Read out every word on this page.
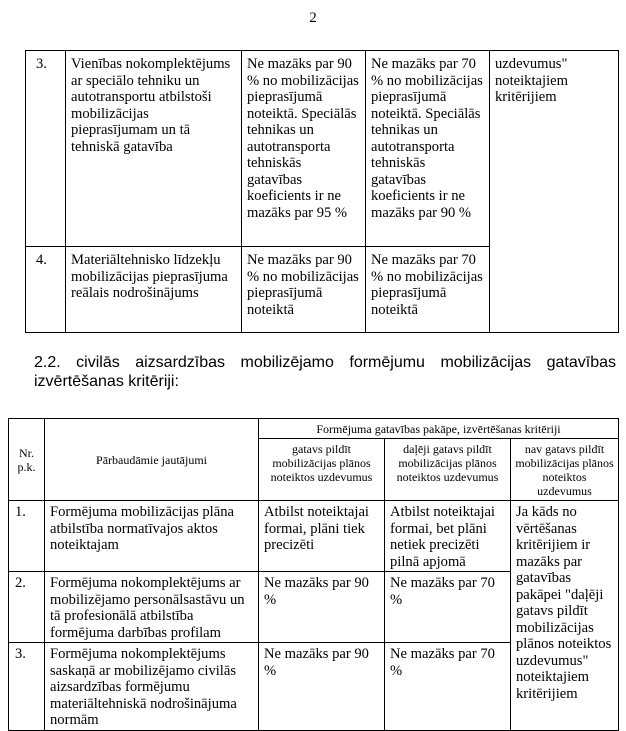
2
3.	Vienības nokomplektējums ar speciālo tehniku un autotransportu atbilstoši mobilizācijas pieprasījumam un tā tehniskā gatavība	Ne mazāks par 90 % no mobilizācijas pieprasījumā noteiktā. Speciālās tehnikas un autotransporta tehniskās gatavības koeficients ir ne mazāks par 95 %	Ne mazāks par 70 % no mobilizācijas pieprasījumā noteiktā. Speciālās tehnikas un autotransporta tehniskās gatavības koeficients ir ne mazāks par 90 %	uzdevumus" noteiktajiem kritērijiem
4.	Materiāltehnisko līdzekļu mobilizācijas pieprasījuma reālais nodrošinājums	Ne mazāks par 90 % no mobilizācijas pieprasījumā noteiktā	Ne mazāks par 70 % no mobilizācijas pieprasījumā noteiktā	
2.2. civilās aizsardzības mobilizējamo formējumu mobilizācijas gatavības
izvērtēšanas kritēriji:
Nr. p.k.	Pārbaudāmie jautājumi	Formējuma gatavības pakāpe, izvērtēšanas kritēriji		
		gatavs pildīt mobilizācijas plānos noteiktos uzdevumus	daļēji gatavs pildīt mobilizācijas plānos noteiktos uzdevumus	nav gatavs pildīt mobilizācijas plānos noteiktos uzdevumus
1.	Formējuma mobilizācijas plāna atbilstība normatīvajos aktos noteiktajam	Atbilst noteiktajai formai, plāni tiek precizēti	Atbilst noteiktajai formai, bet plāni netiek precizēti pilnā apjomā	Ja kāds no vērtēšanas kritērijiem ir mazāks par gatavības pakāpei "daļēji gatavs pildīt mobilizācijas plānos noteiktos uzdevumus" noteiktajiem kritērijiem
2.	Formējuma nokomplektējums ar mobilizējamo personālsastāvu un tā profesionālā atbilstība formējuma darbības profilam	Ne mazāks par 90 %	Ne mazāks par 70 %	
3.	Formējuma nokomplektējums saskaņā ar mobilizējamo civilās aizsardzības formējumu materiāltehniskā nodrošinājuma normām	Ne mazāks par 90 %	Ne mazāks par 70 %	
